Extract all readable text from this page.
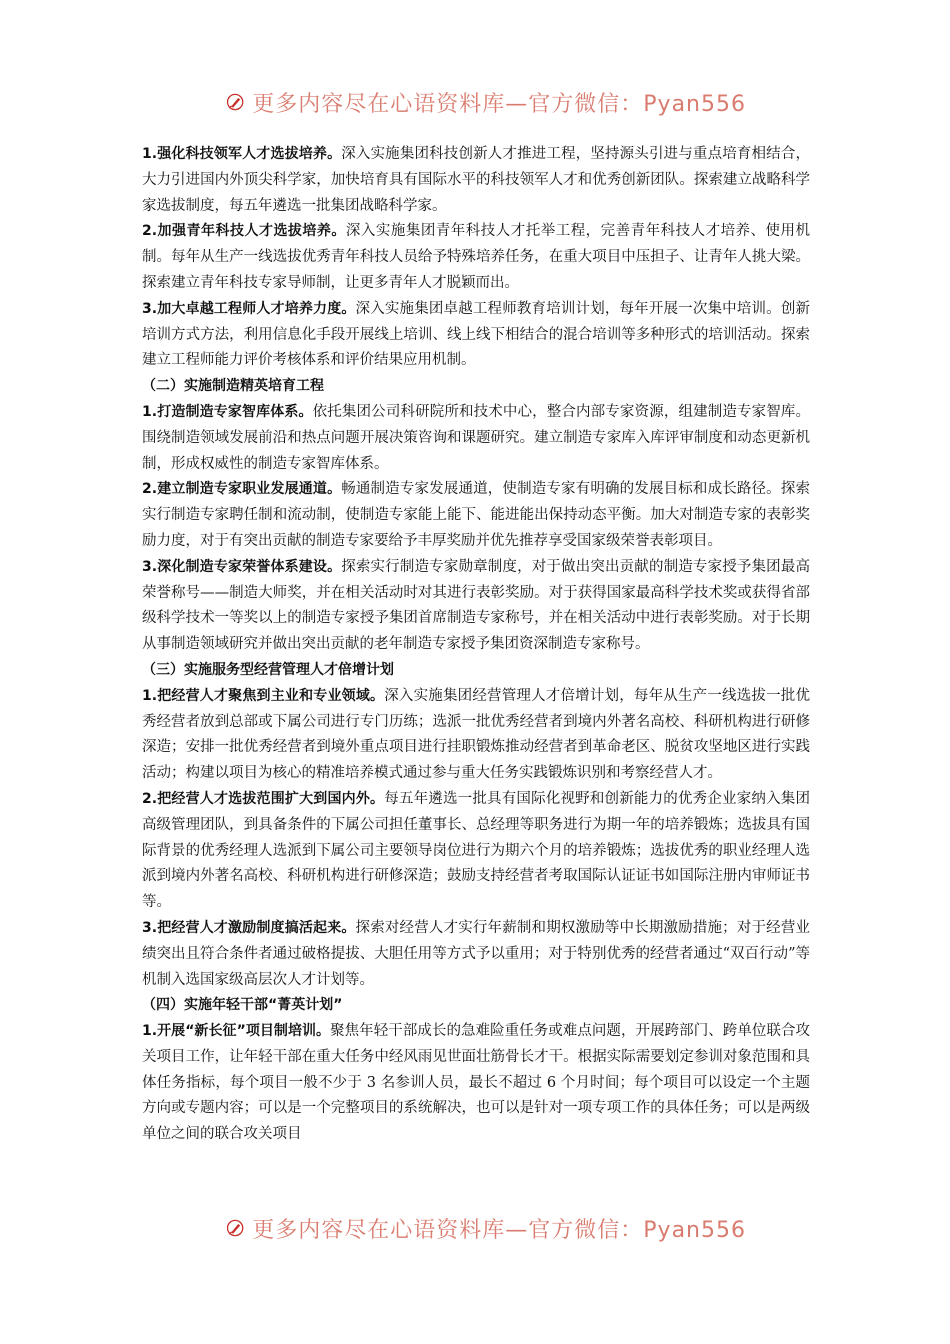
更多内容尽在心语资料库—官方微信：Pyan556

1.强化科技领军人才选拔培养。深入实施集团科技创新人才推进工程，坚持源头引进与重点培育相结合，大力引进国内外顶尖科学家，加快培育具有国际水平的科技领军人才和优秀创新团队。探索建立战略科学家选拔制度，每五年遴选一批集团战略科学家。

2.加强青年科技人才选拔培养。深入实施集团青年科技人才托举工程，完善青年科技人才培养、使用机制。每年从生产一线选拔优秀青年科技人员给予特殊培养任务，在重大项目中压担子、让青年人挑大梁。探索建立青年科技专家导师制，让更多青年人才脱颖而出。

3.加大卓越工程师人才培养力度。深入实施集团卓越工程师教育培训计划，每年开展一次集中培训。创新培训方式方法，利用信息化手段开展线上培训、线上线下相结合的混合培训等多种形式的培训活动。探索建立工程师能力评价考核体系和评价结果应用机制。

（二）实施制造精英培育工程

1.打造制造专家智库体系。依托集团公司科研院所和技术中心，整合内部专家资源，组建制造专家智库。围绕制造领域发展前沿和热点问题开展决策咨询和课题研究。建立制造专家库入库评审制度和动态更新机制，形成权威性的制造专家智库体系。

2.建立制造专家职业发展通道。畅通制造专家发展通道，使制造专家有明确的发展目标和成长路径。探索实行制造专家聘任制和流动制，使制造专家能上能下、能进能出保持动态平衡。加大对制造专家的表彰奖励力度，对于有突出贡献的制造专家要给予丰厚奖励并优先推荐享受国家级荣誉表彰项目。

3.深化制造专家荣誉体系建设。探索实行制造专家勋章制度，对于做出突出贡献的制造专家授予集团最高荣誉称号——制造大师奖，并在相关活动时对其进行表彰奖励。对于获得国家最高科学技术奖或获得省部级科学技术一等奖以上的制造专家授予集团首席制造专家称号，并在相关活动中进行表彰奖励。对于长期从事制造领域研究并做出突出贡献的老年制造专家授予集团资深制造专家称号。

（三）实施服务型经营管理人才倍增计划

1.把经营人才聚焦到主业和专业领域。深入实施集团经营管理人才倍增计划，每年从生产一线选拔一批优秀经营者放到总部或下属公司进行专门历练；选派一批优秀经营者到境内外著名高校、科研机构进行研修深造；安排一批优秀经营者到境外重点项目进行挂职锻炼推动经营者到革命老区、脱贫攻坚地区进行实践活动；构建以项目为核心的精准培养模式通过参与重大任务实践锻炼识别和考察经营人才。

2.把经营人才选拔范围扩大到国内外。每五年遴选一批具有国际化视野和创新能力的优秀企业家纳入集团高级管理团队，到具备条件的下属公司担任董事长、总经理等职务进行为期一年的培养锻炼；选拔具有国际背景的优秀经理人选派到下属公司主要领导岗位进行为期六个月的培养锻炼；选拔优秀的职业经理人选派到境内外著名高校、科研机构进行研修深造；鼓励支持经营者考取国际认证证书如国际注册内审师证书等。

3.把经营人才激励制度搞活起来。探索对经营人才实行年薪制和期权激励等中长期激励措施；对于经营业绩突出且符合条件者通过破格提拔、大胆任用等方式予以重用；对于特别优秀的经营者通过“双百行动”等机制入选国家级高层次人才计划等。

（四）实施年轻干部“菁英计划”

1.开展“新长征”项目制培训。聚焦年轻干部成长的急难险重任务或难点问题，开展跨部门、跨单位联合攻关项目工作，让年轻干部在重大任务中经风雨见世面壮筋骨长才干。根据实际需要划定参训对象范围和具体任务指标，每个项目一般不少于 3 名参训人员，最长不超过 6 个月时间；每个项目可以设定一个主题方向或专题内容；可以是一个完整项目的系统解决，也可以是针对一项专项工作的具体任务；可以是两级单位之间的联合攻关项目

更多内容尽在心语资料库—官方微信：Pyan556
